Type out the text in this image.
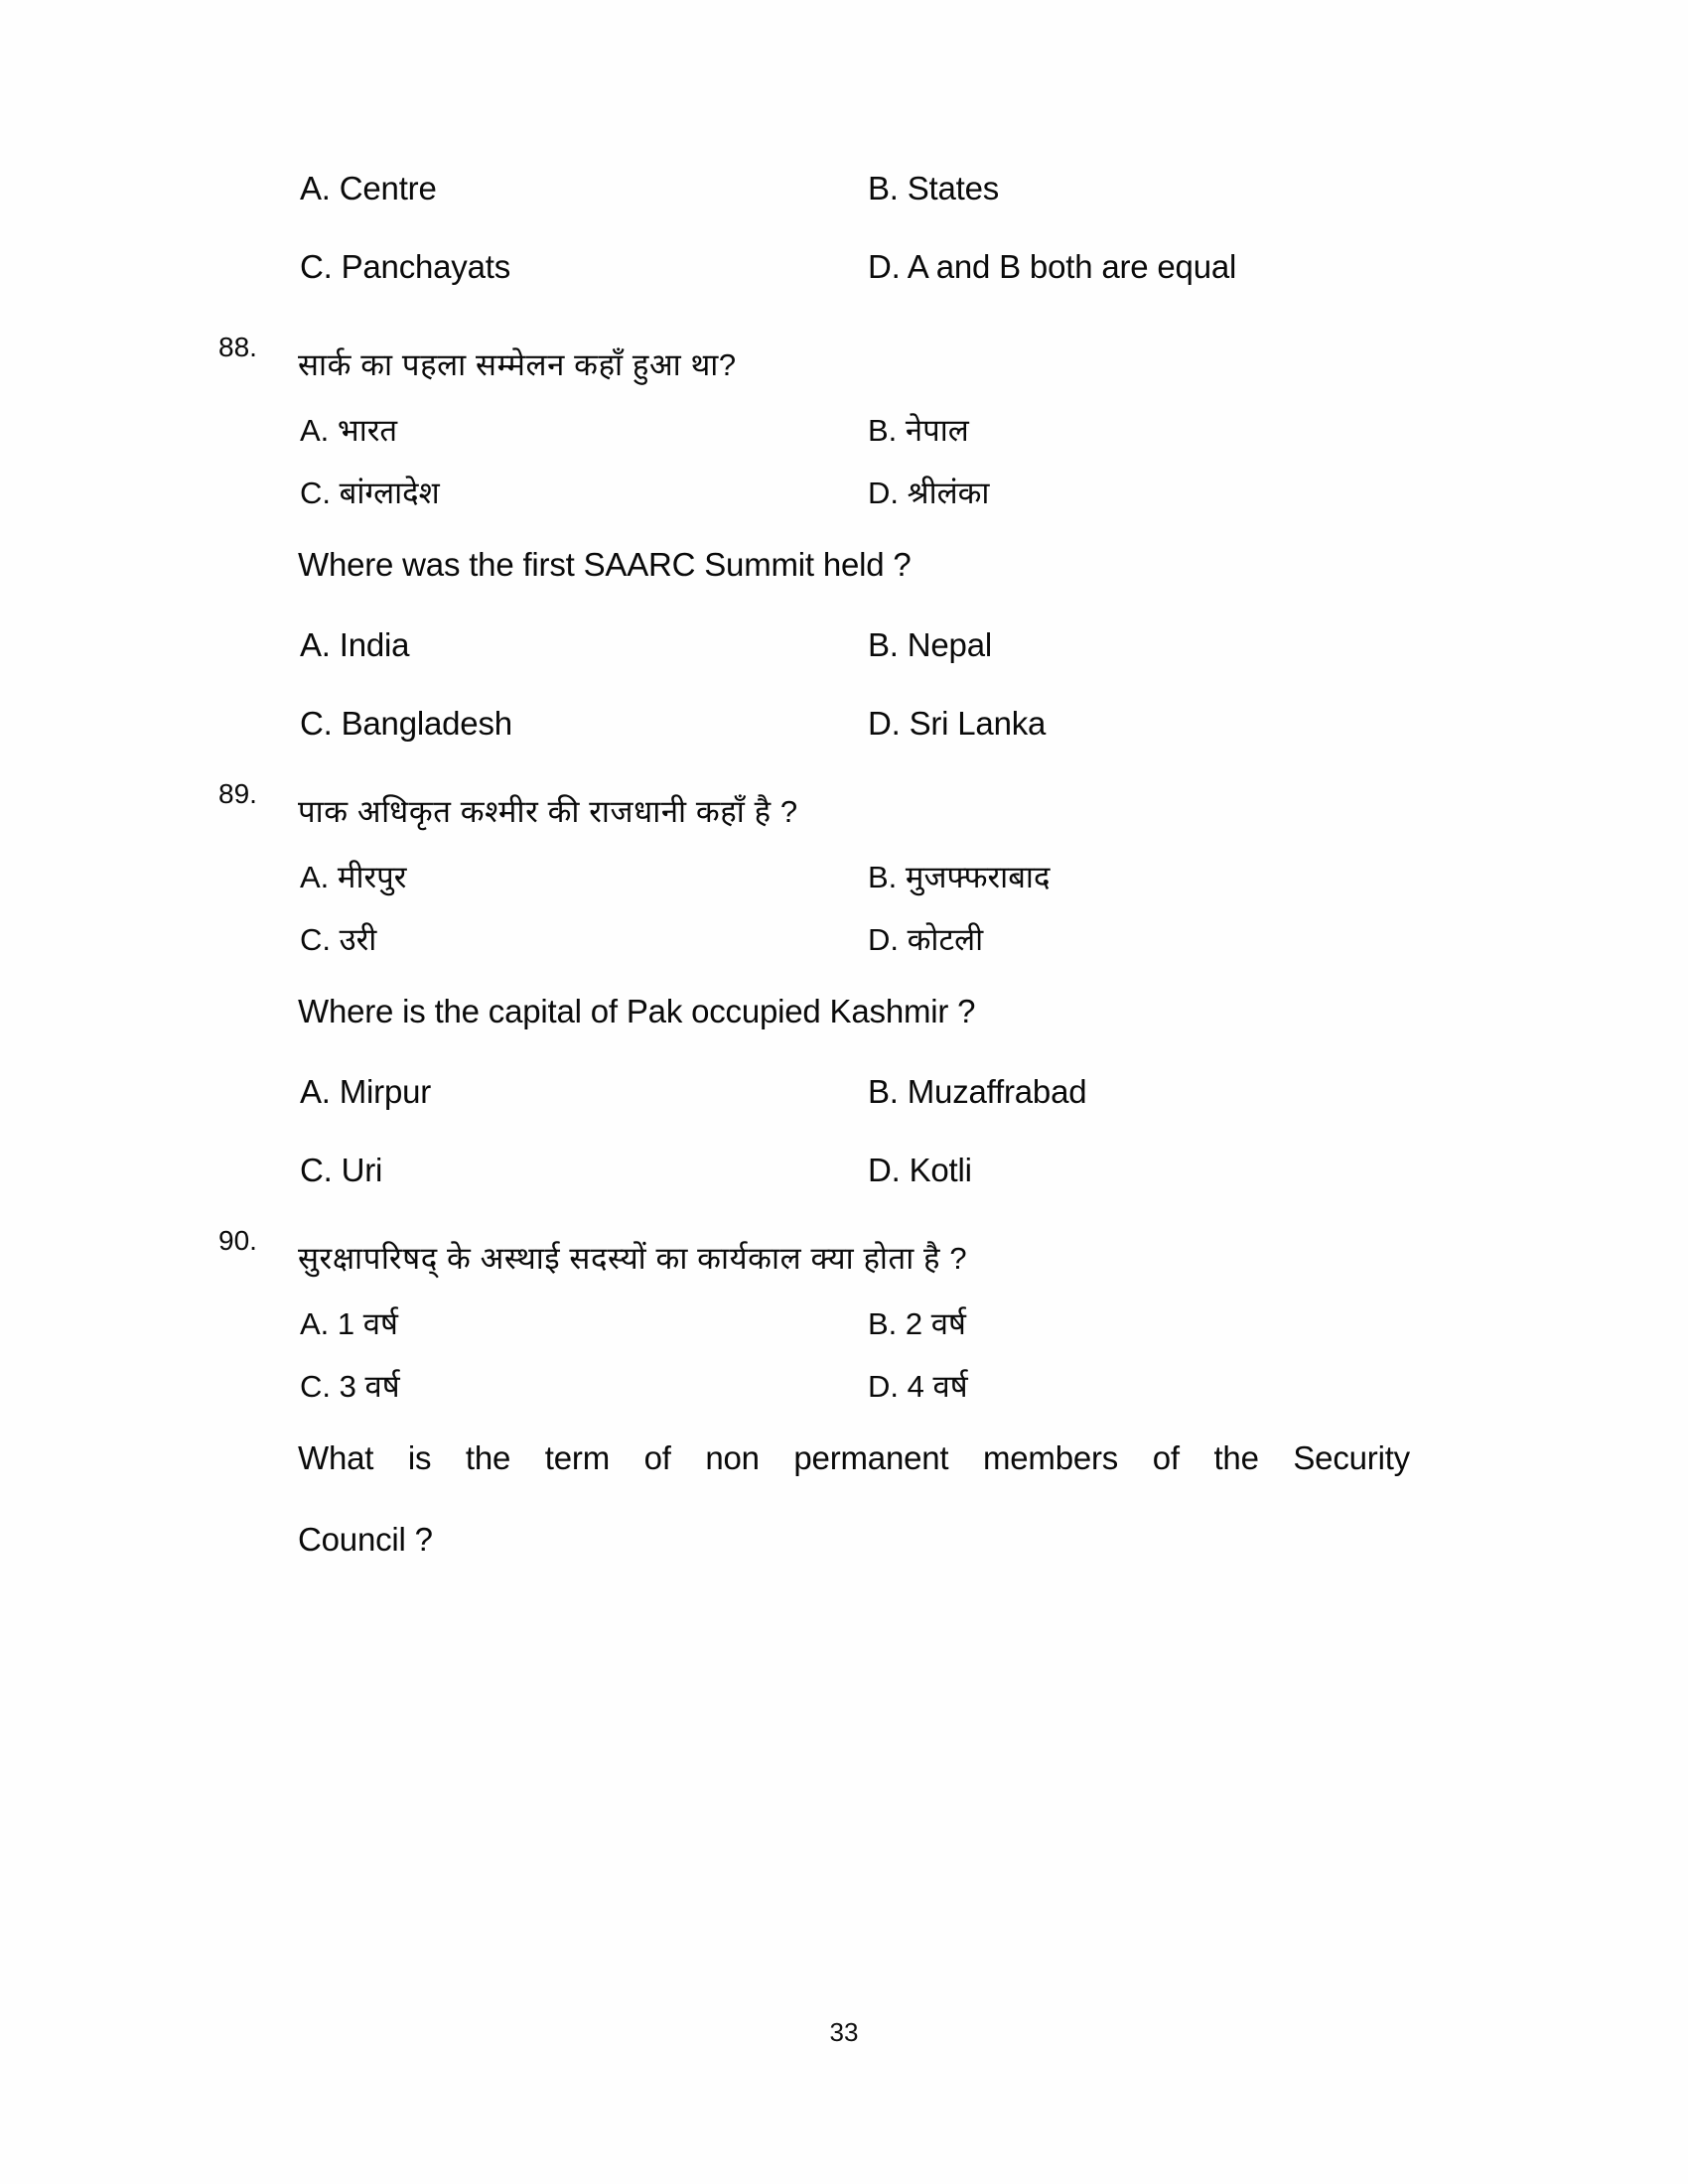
A. Centre	B. States
C. Panchayats	D. A and B both are equal
88.
सार्क का पहला सम्मेलन कहाँ हुआ था?
A. भारत	B. नेपाल
C. बांग्लादेश	D. श्रीलंका
Where was the first SAARC Summit held ?
A. India	B. Nepal
C. Bangladesh	D. Sri Lanka
89.
पाक अधिकृत कश्मीर की राजधानी कहाँ है ?
A. मीरपुर	B. मुजफ्फराबाद
C. उरी	D. कोटली
Where is the capital of Pak occupied Kashmir ?
A. Mirpur	B. Muzaffrabad
C. Uri	D. Kotli
90.
सुरक्षापरिषद् के अस्थाई सदस्यों का कार्यकाल क्या होता है ?
A. 1 वर्ष	B. 2 वर्ष
C. 3 वर्ष	D. 4 वर्ष
What is the term of non permanent members of the Security
Council ?
33
